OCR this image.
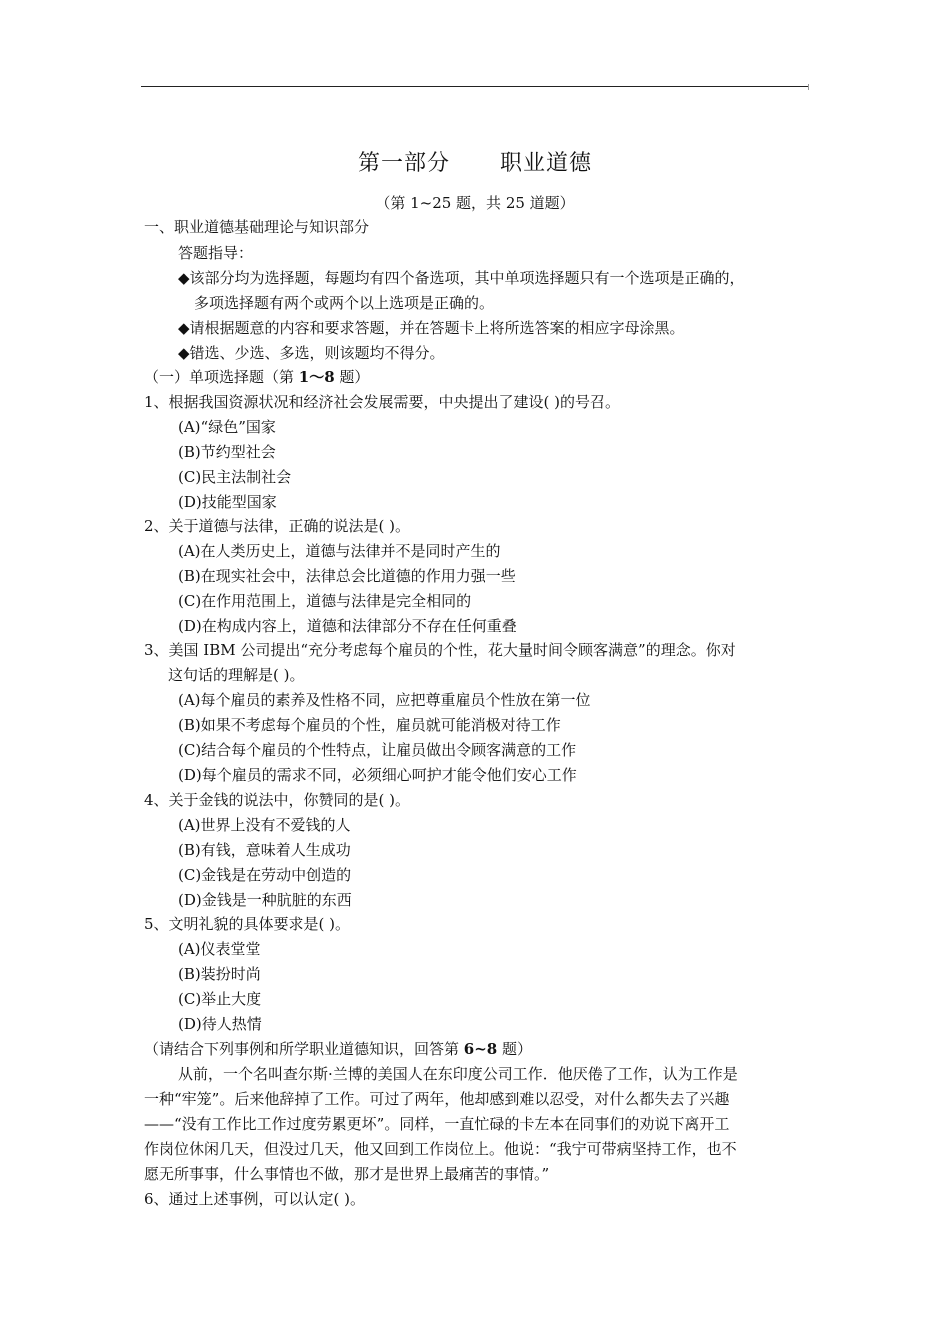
第一部分 职业道德
（第 1~25 题，共 25 道题）
一、职业道德基础理论与知识部分
答题指导：
◆该部分均为选择题，每题均有四个备选项，其中单项选择题只有一个选项是正确的，
多项选择题有两个或两个以上选项是正确的。
◆请根据题意的内容和要求答题，并在答题卡上将所选答案的相应字母涂黑。
◆错选、少选、多选，则该题均不得分。
（一）单项选择题（第 1～8 题）
1、根据我国资源状况和经济社会发展需要，中央提出了建设( )的号召。
(A)“绿色”国家
(B)节约型社会
(C)民主法制社会
(D)技能型国家
2、关于道德与法律，正确的说法是( )。
(A)在人类历史上，道德与法律并不是同时产生的
(B)在现实社会中，法律总会比道德的作用力强一些
(C)在作用范围上，道德与法律是完全相同的
(D)在构成内容上，道德和法律部分不存在任何重叠
3、美国 IBM 公司提出“充分考虑每个雇员的个性，花大量时间令顾客满意”的理念。你对
这句话的理解是( )。
(A)每个雇员的素养及性格不同，应把尊重雇员个性放在第一位
(B)如果不考虑每个雇员的个性，雇员就可能消极对待工作
(C)结合每个雇员的个性特点，让雇员做出令顾客满意的工作
(D)每个雇员的需求不同，必须细心呵护才能令他们安心工作
4、关于金钱的说法中，你赞同的是( )。
(A)世界上没有不爱钱的人
(B)有钱，意味着人生成功
(C)金钱是在劳动中创造的
(D)金钱是一种肮脏的东西
5、文明礼貌的具体要求是( )。
(A)仪表堂堂
(B)装扮时尚
(C)举止大度
(D)待人热情
（请结合下列事例和所学职业道德知识，回答第 6~8 题）
从前，一个名叫查尔斯·兰博的美国人在东印度公司工作．他厌倦了工作，认为工作是
一种“牢笼”。后来他辞掉了工作。可过了两年，他却感到难以忍受，对什么都失去了兴趣
——“没有工作比工作过度劳累更坏”。同样，一直忙碌的卡左本在同事们的劝说下离开工
作岗位休闲几天，但没过几天，他又回到工作岗位上。他说：“我宁可带病坚持工作，也不
愿无所事事，什么事情也不做，那才是世界上最痛苦的事情。”
6、通过上述事例，可以认定( )。
